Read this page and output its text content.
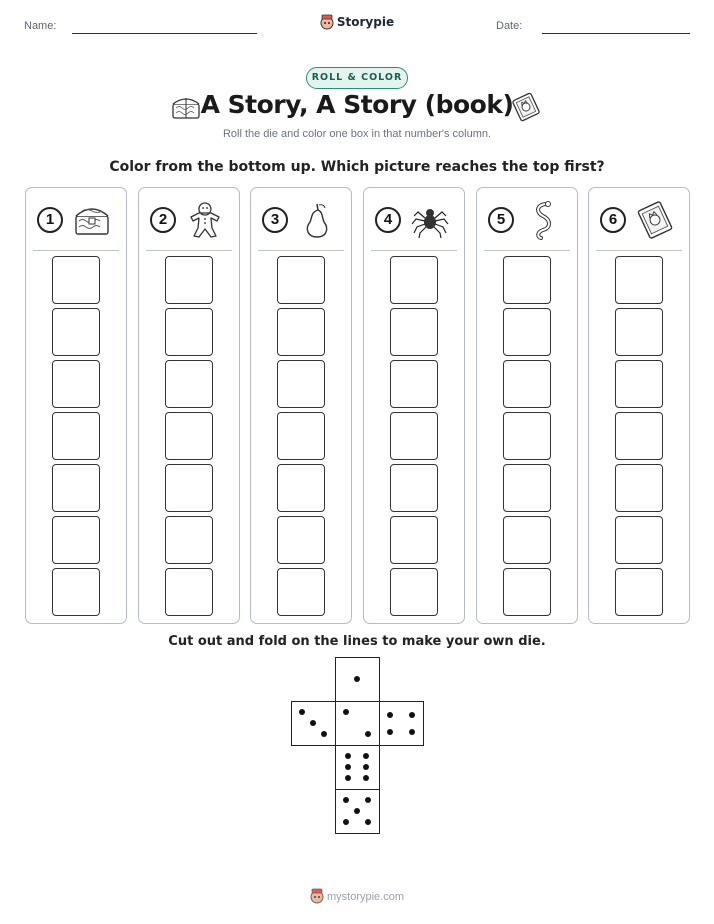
Name:	Storypie	Date:
ROLL & COLOR
A Story, A Story (book)
Roll the die and color one box in that number's column.
Color from the bottom up. Which picture reaches the top first?
1	2	3	4	5	6
Cut out and fold on the lines to make your own die.
mystorypie.com
